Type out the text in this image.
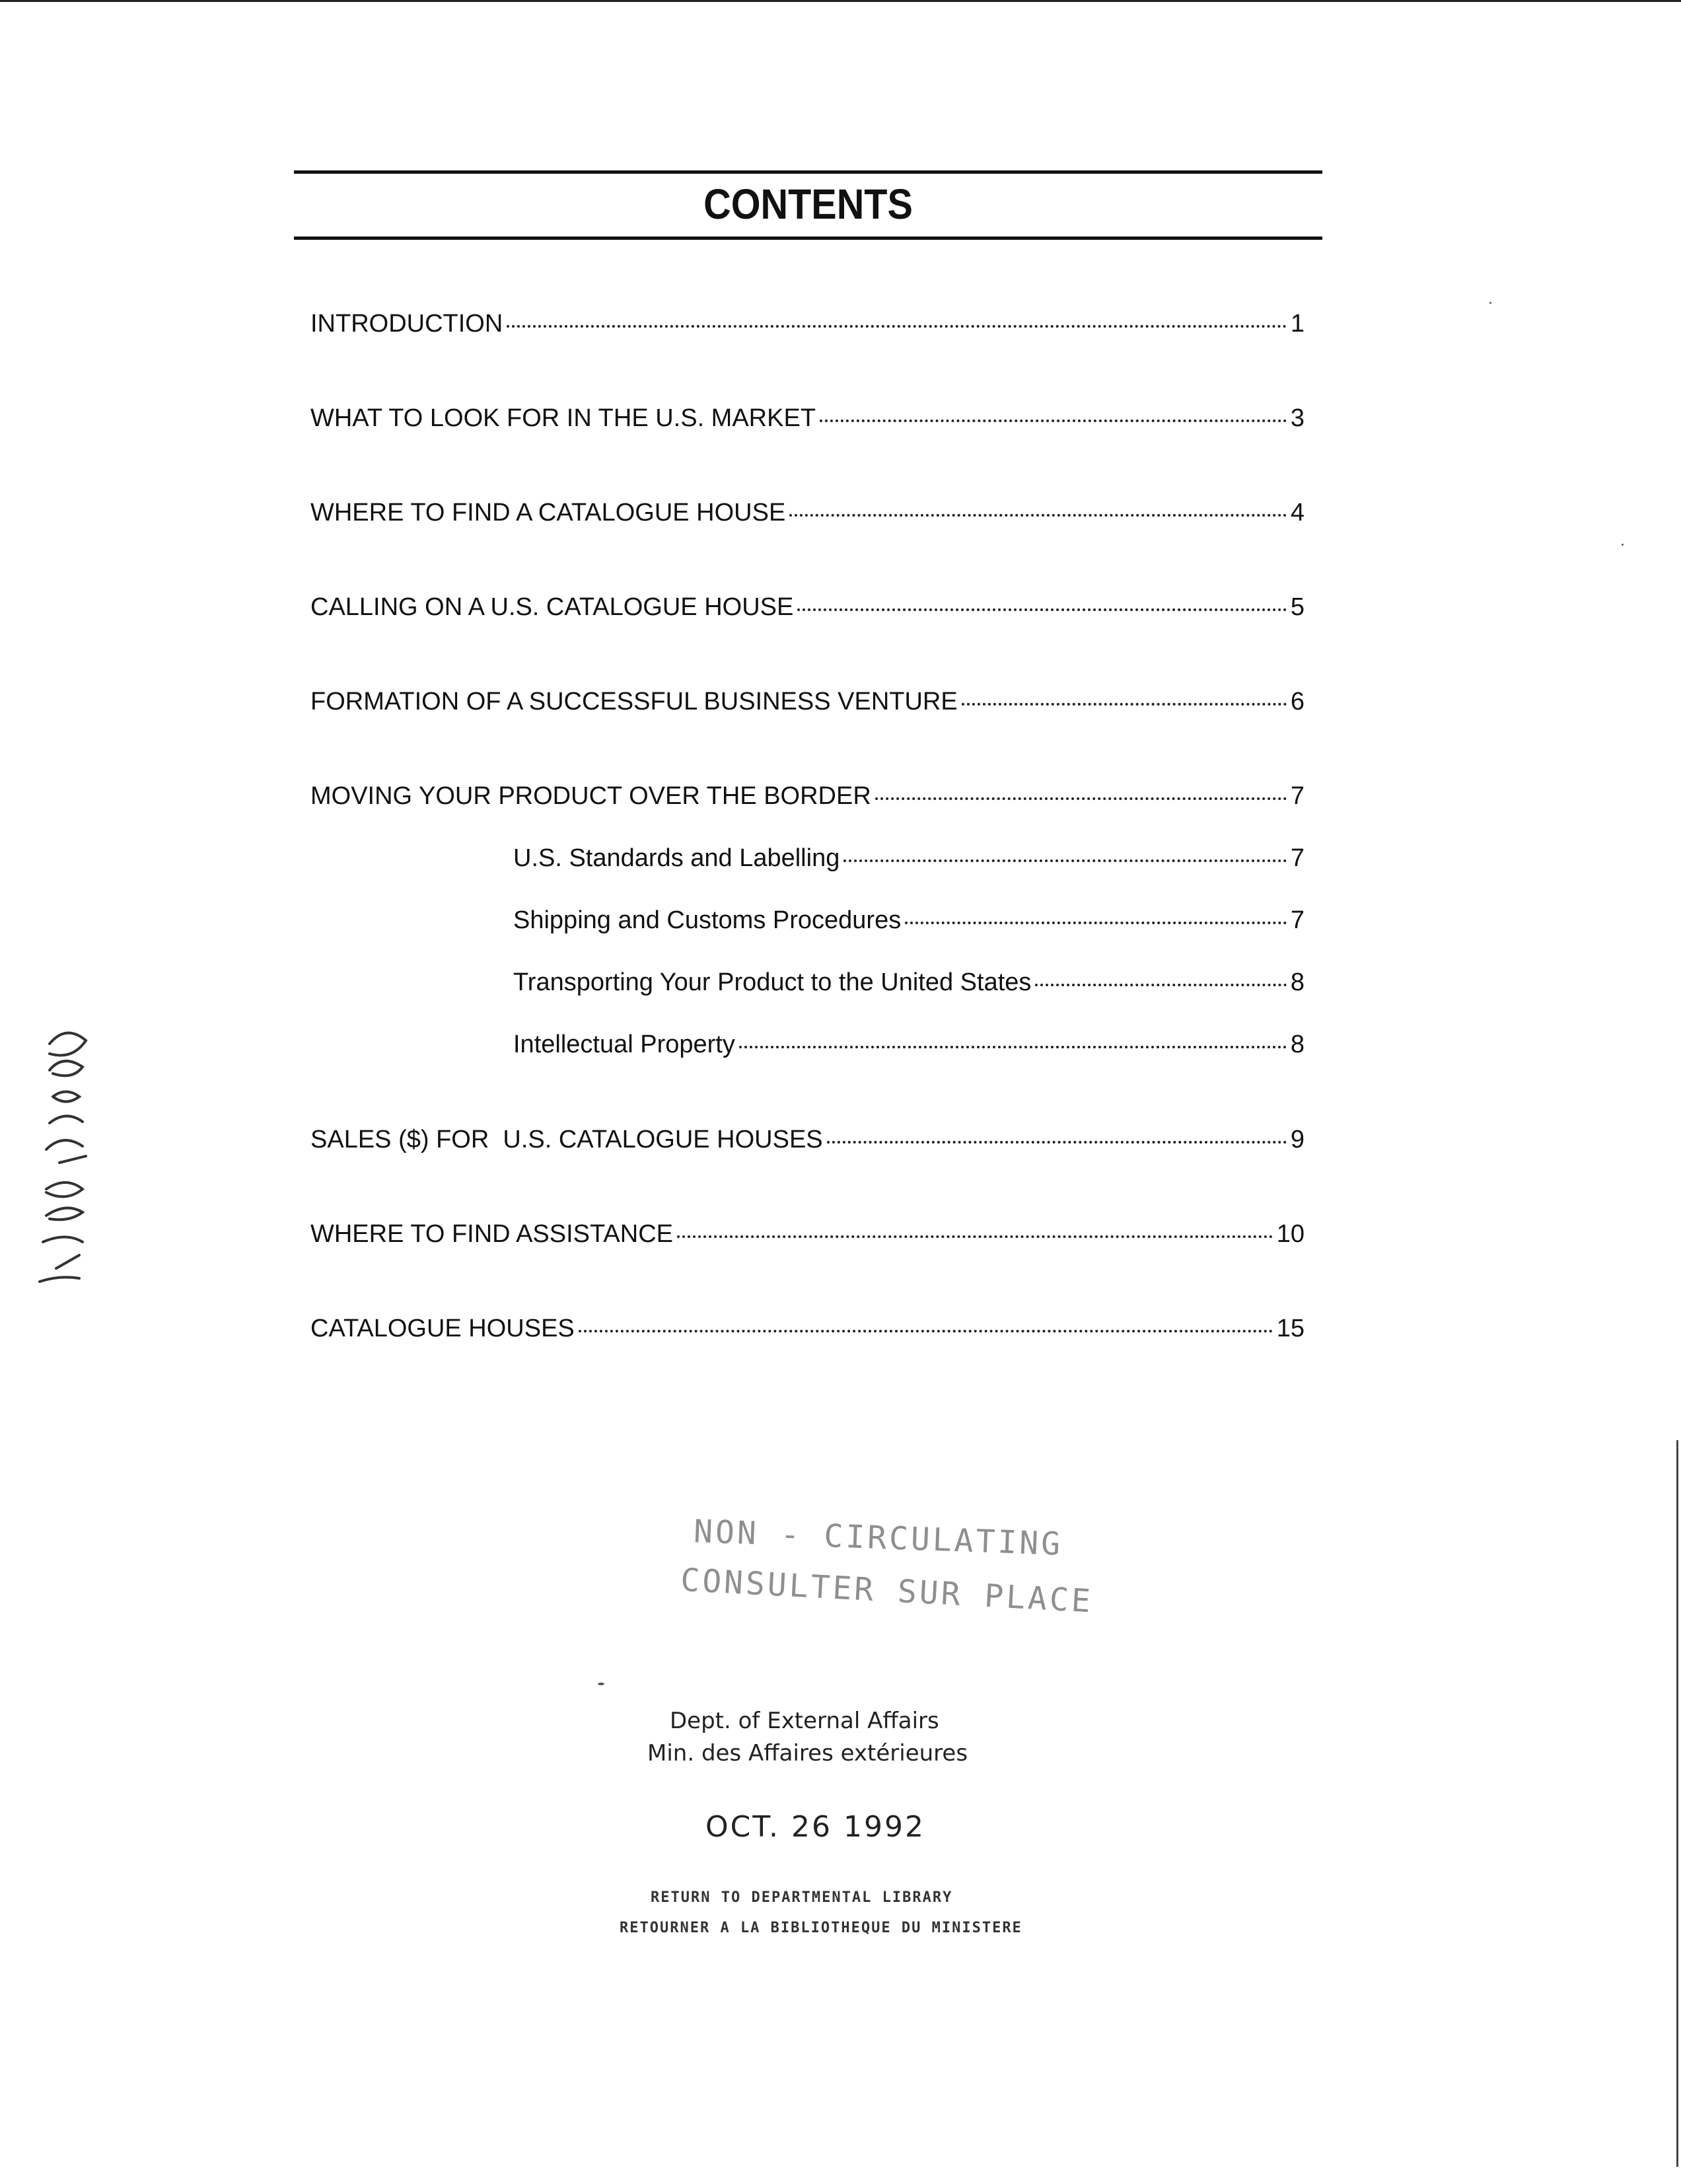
CONTENTS
INTRODUCTION	1
WHAT TO LOOK FOR IN THE U.S. MARKET	3
WHERE TO FIND A CATALOGUE HOUSE	4
CALLING ON A U.S. CATALOGUE HOUSE	5
FORMATION OF A SUCCESSFUL BUSINESS VENTURE	6
MOVING YOUR PRODUCT OVER THE BORDER	7
U.S. Standards and Labelling	7
Shipping and Customs Procedures	7
Transporting Your Product to the United States	8
Intellectual Property	8
SALES ($) FOR  U.S. CATALOGUE HOUSES	9
WHERE TO FIND ASSISTANCE	10
CATALOGUE HOUSES	15
NON - CIRCULATING
CONSULTER SUR PLACE
Dept. of External Affairs
Min. des Affaires extérieures
OCT. 26 1992
RETURN TO DEPARTMENTAL LIBRARY
RETOURNER A LA BIBLIOTHEQUE DU MINISTERE
